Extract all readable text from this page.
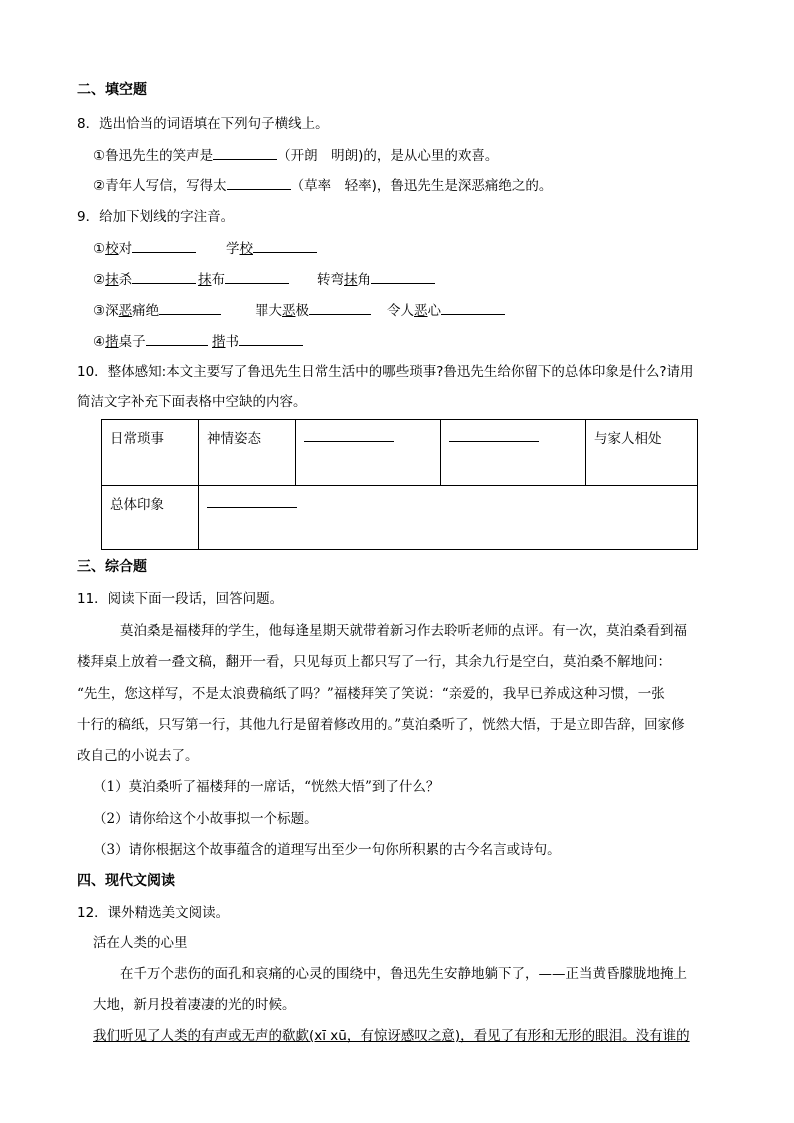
二、填空题
8．选出恰当的词语填在下列句子横线上。
①鲁迅先生的笑声是	（开朗　明朗)的，是从心里的欢喜。
②青年人写信，写得太	（草率　轻率)，鲁迅先生是深恶痛绝之的。
9．给加下划线的字注音。
①校对	学校
②抹杀	抹布	转弯抹角
③深恶痛绝	罪大恶极	令人恶心
④揩桌子	揩书
10．整体感知:本文主要写了鲁迅先生日常生活中的哪些琐事?鲁迅先生给你留下的总体印象是什么?请用
简洁文字补充下面表格中空缺的内容。
日常琐事	神情姿态			与家人相处
总体印象				
三、综合题
11．阅读下面一段话，回答问题。
　　莫泊桑是福楼拜的学生，他每逢星期天就带着新习作去聆听老师的点评。有一次，莫泊桑看到福
楼拜桌上放着一叠文稿，翻开一看，只见每页上都只写了一行，其余九行是空白，莫泊桑不解地问：
“先生，您这样写，不是太浪费稿纸了吗？”福楼拜笑了笑说：“亲爱的，我早已养成这种习惯，一张
十行的稿纸，只写第一行，其他九行是留着修改用的。”莫泊桑听了，恍然大悟，于是立即告辞，回家修
改自己的小说去了。
（1）莫泊桑听了福楼拜的一席话，“恍然大悟”到了什么？
（2）请你给这个小故事拟一个标题。
（3）请你根据这个故事蕴含的道理写出至少一句你所积累的古今名言或诗句。
四、现代文阅读
12．课外精选美文阅读。
活在人类的心里
　　在千万个悲伤的面孔和哀痛的心灵的围绕中，鲁迅先生安静地躺下了，——正当黄昏朦胧地掩上
大地，新月投着凄凄的光的时候。
我们听见了人类的有声或无声的欷歔(xī xū，有惊讶感叹之意)，看见了有形和无形的眼泪。没有谁的
